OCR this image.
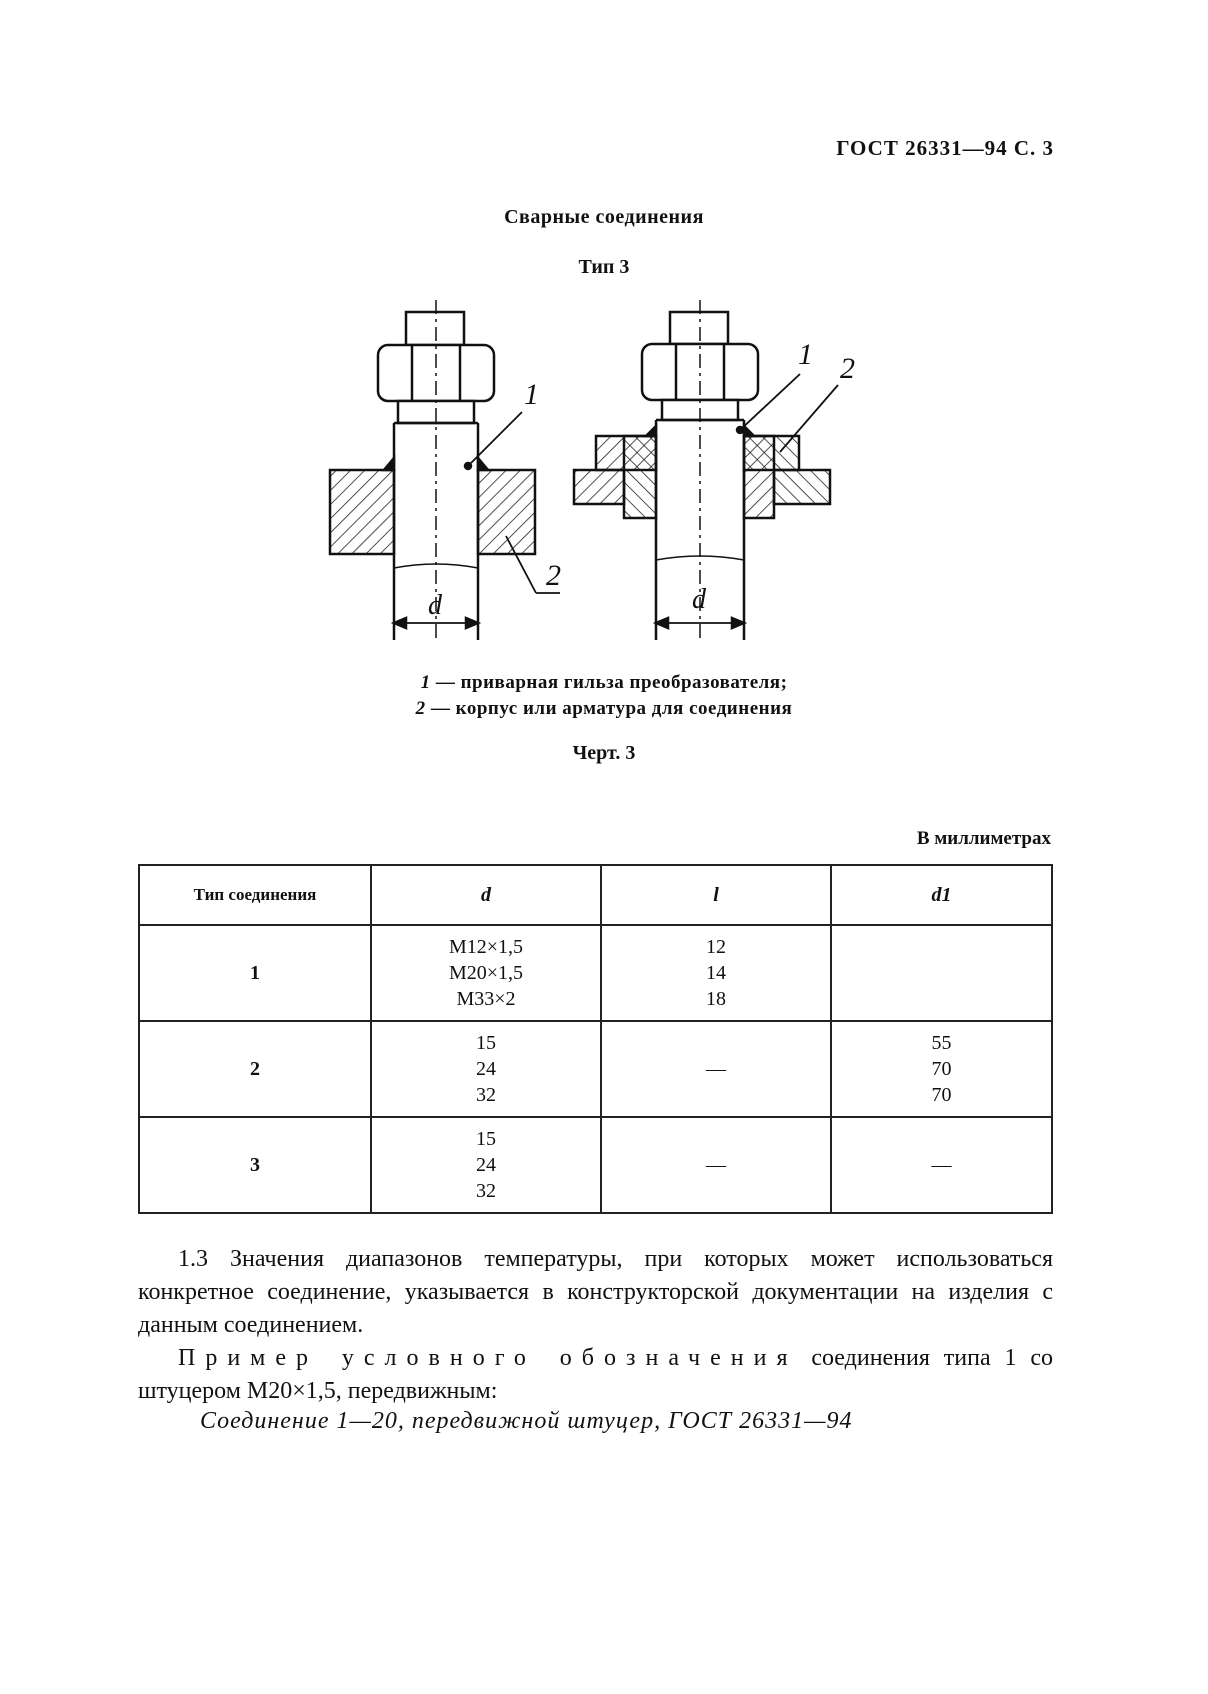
ГОСТ 26331—94 С. 3
Сварные соединения
Тип 3
1
2
d
1 2
d
1 — приварная гильза преобразователя;
2 — корпус или арматура для соединения
Черт. 3
В миллиметрах
Тип соединения	d	l	d1
1	M12×1,5
M20×1,5
M33×2	12
14
18	

2	15
24
32	—	55
70
70

3	15
24
32	—	—
1.3 Значения диапазонов температуры, при которых может использоваться конкретное соединение, указывается в конструкторской документации на изделия с данным соединением.
Пример условного обозначения соединения типа 1 со штуцером M20×1,5, передвижным:
Соединение 1—20, передвижной штуцер, ГОСТ 26331—94
